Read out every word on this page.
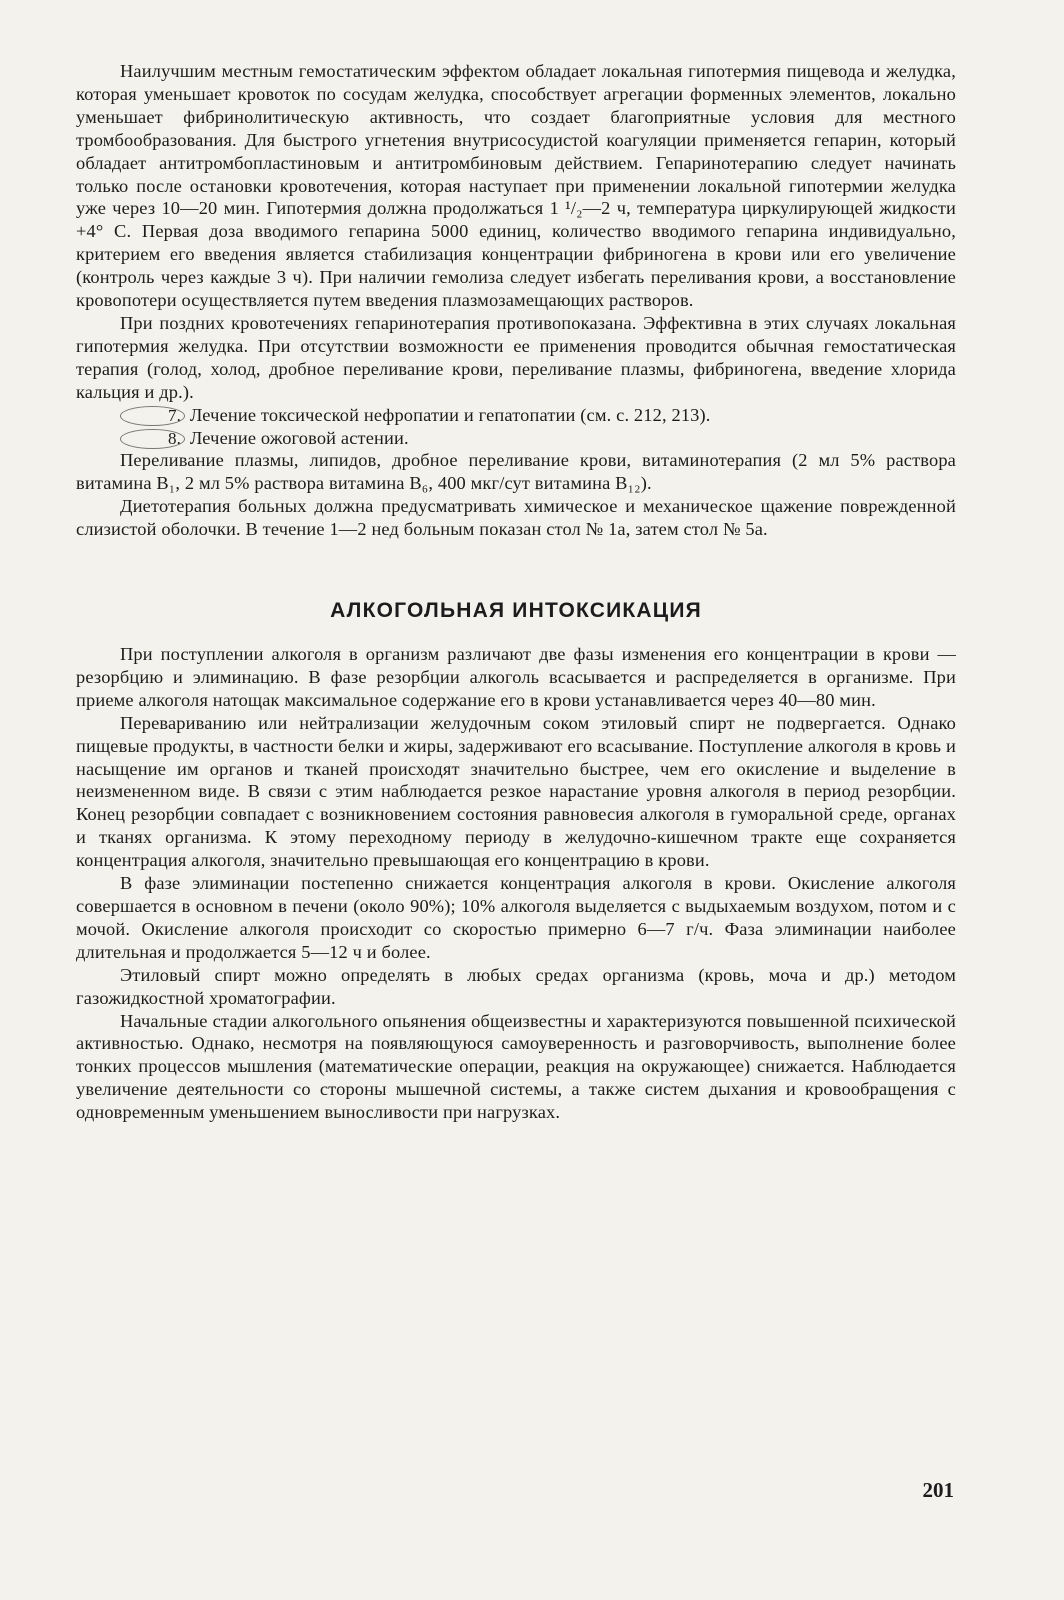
Наилучшим местным гемостатическим эффектом обладает локальная гипотермия пищевода и желудка, которая уменьшает кровоток по сосудам желудка, способствует агрегации форменных элементов, локально уменьшает фибринолитическую активность, что создает благоприятные условия для местного тромбообразования. Для быстрого угнетения внутрисосудистой коагуляции применяется гепарин, который обладает антитромбопластиновым и антитромбиновым действием. Гепаринотерапию следует начинать только после остановки кровотечения, которая наступает при применении локальной гипотермии желудка уже через 10—20 мин. Гипотермия должна продолжаться 1 ¹/₂—2 ч, температура циркулирующей жидкости +4° С. Первая доза вводимого гепарина 5000 единиц, количество вводимого гепарина индивидуально, критерием его введения является стабилизация концентрации фибриногена в крови или его увеличение (контроль через каждые 3 ч). При наличии гемолиза следует избегать переливания крови, а восстановление кровопотери осуществляется путем введения плазмозамещающих растворов.

При поздних кровотечениях гепаринотерапия противопоказана. Эффективна в этих случаях локальная гипотермия желудка. При отсутствии возможности ее применения проводится обычная гемостатическая терапия (голод, холод, дробное переливание крови, переливание плазмы, фибриногена, введение хлорида кальция и др.).

7. Лечение токсической нефропатии и гепатопатии (см. с. 212, 213).

8. Лечение ожоговой астении.

Переливание плазмы, липидов, дробное переливание крови, витаминотерапия (2 мл 5% раствора витамина B₁, 2 мл 5% раствора витамина B₆, 400 мкг/сут витамина B₁₂).

Диетотерапия больных должна предусматривать химическое и механическое щажение поврежденной слизистой оболочки. В течение 1—2 нед больным показан стол № 1а, затем стол № 5а.

АЛКОГОЛЬНАЯ ИНТОКСИКАЦИЯ

При поступлении алкоголя в организм различают две фазы изменения его концентрации в крови — резорбцию и элиминацию. В фазе резорбции алкоголь всасывается и распределяется в организме. При приеме алкоголя натощак максимальное содержание его в крови устанавливается через 40—80 мин.

Перевариванию или нейтрализации желудочным соком этиловый спирт не подвергается. Однако пищевые продукты, в частности белки и жиры, задерживают его всасывание. Поступление алкоголя в кровь и насыщение им органов и тканей происходят значительно быстрее, чем его окисление и выделение в неизмененном виде. В связи с этим наблюдается резкое нарастание уровня алкоголя в период резорбции. Конец резорбции совпадает с возникновением состояния равновесия алкоголя в гуморальной среде, органах и тканях организма. К этому переходному периоду в желудочно-кишечном тракте еще сохраняется концентрация алкоголя, значительно превышающая его концентрацию в крови.

В фазе элиминации постепенно снижается концентрация алкоголя в крови. Окисление алкоголя совершается в основном в печени (около 90%); 10% алкоголя выделяется с выдыхаемым воздухом, потом и с мочой. Окисление алкоголя происходит со скоростью примерно 6—7 г/ч. Фаза элиминации наиболее длительная и продолжается 5—12 ч и более.

Этиловый спирт можно определять в любых средах организма (кровь, моча и др.) методом газожидкостной хроматографии.

Начальные стадии алкогольного опьянения общеизвестны и характеризуются повышенной психической активностью. Однако, несмотря на появляющуюся самоуверенность и разговорчивость, выполнение более тонких процессов мышления (математические операции, реакция на окружающее) снижается. Наблюдается увеличение деятельности со стороны мышечной системы, а также систем дыхания и кровообращения с одновременным уменьшением выносливости при нагрузках.

201
